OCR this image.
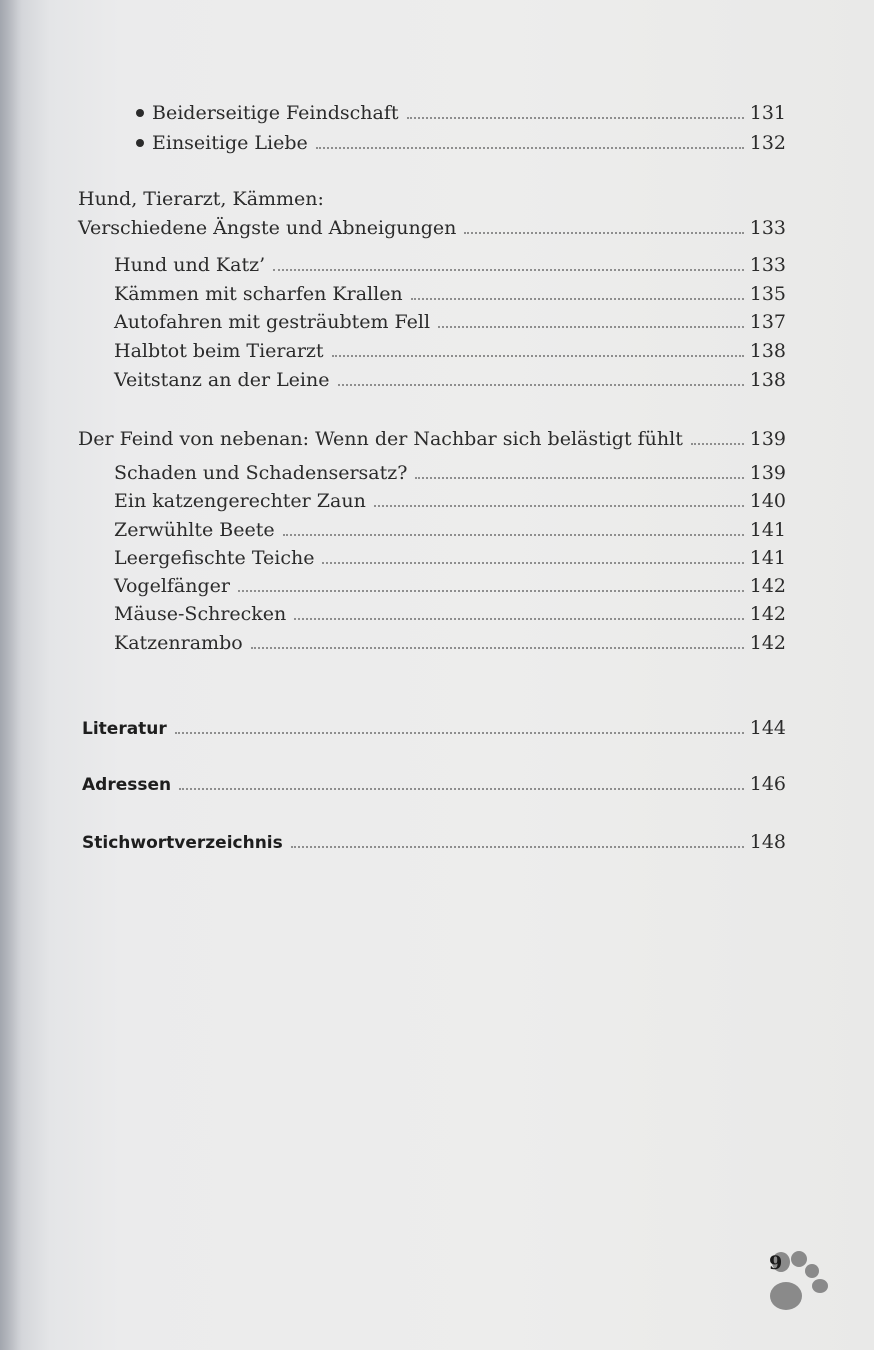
Beiderseitige Feindschaft	131
Einseitige Liebe	132
Hund, Tierarzt, Kämmen:
Verschiedene Ängste und Abneigungen	133
Hund und Katz’	133
Kämmen mit scharfen Krallen	135
Autofahren mit gesträubtem Fell	137
Halbtot beim Tierarzt	138
Veitstanz an der Leine	138
Der Feind von nebenan: Wenn der Nachbar sich belästigt fühlt	139
Schaden und Schadensersatz?	139
Ein katzengerechter Zaun	140
Zerwühlte Beete	141
Leergefischte Teiche	141
Vogelfänger	142
Mäuse-Schrecken	142
Katzenrambo	142
Literatur	144
Adressen	146
Stichwortverzeichnis	148
9
